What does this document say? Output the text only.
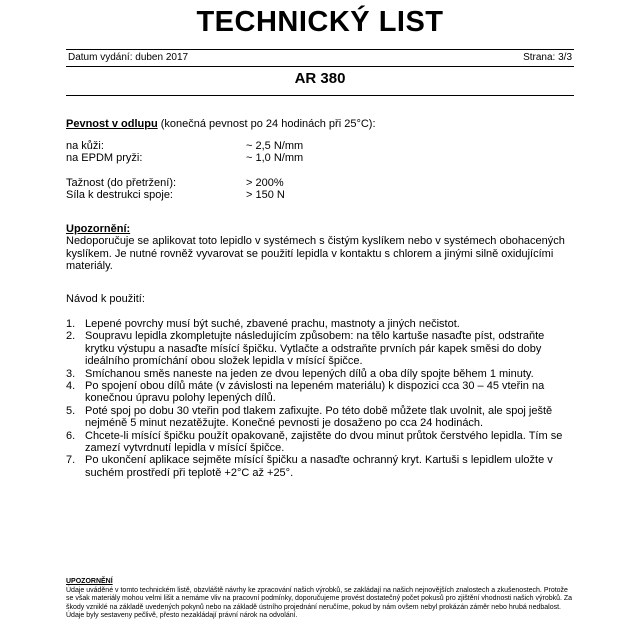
TECHNICKÝ LIST
Datum vydání: duben 2017	Strana: 3/3
AR 380
Pevnost v odlupu (konečná pevnost po 24 hodinách při 25°C):
na kůži:	~ 2,5 N/mm
na EPDM pryži:	~ 1,0 N/mm
Tažnost (do přetržení):	> 200%
Síla k destrukci spoje:	> 150 N
Upozornění:
Nedoporučuje se aplikovat toto lepidlo v systémech s čistým kyslíkem nebo v systémech obohacených kyslíkem. Je nutné rovněž vyvarovat se použití lepidla v kontaktu s chlorem a jinými silně oxidujícími materiály.
Návod k použití:
1. Lepené povrchy musí být suché, zbavené prachu, mastnoty a jiných nečistot.
2. Soupravu lepidla zkompletujte následujícím způsobem: na tělo kartuše nasaďte píst, odstraňte krytku výstupu a nasaďte mísící špičku. Vytlačte a odstraňte prvních pár kapek směsi do doby ideálního promíchání obou složek lepidla v mísící špičce.
3. Smíchanou směs naneste na jeden ze dvou lepených dílů a oba díly spojte během 1 minuty.
4. Po spojení obou dílů máte (v závislosti na lepeném materiálu) k dispozici cca 30 – 45 vteřin na konečnou úpravu polohy lepených dílů.
5. Poté spoj po dobu 30 vteřin pod tlakem zafixujte. Po této době můžete tlak uvolnit, ale spoj ještě nejméně 5 minut nezatěžujte. Konečné pevnosti je dosaženo po cca 24 hodinách.
6. Chcete-li mísící špičku použít opakovaně, zajistěte do dvou minut průtok čerstvého lepidla. Tím se zamezí vytvrdnutí lepidla v mísící špičce.
7. Po ukončení aplikace sejměte mísící špičku a nasaďte ochranný kryt. Kartuši s lepidlem uložte v suchém prostředí při teplotě +2°C až +25°.
UPOZORNĚNÍ
Údaje uváděné v tomto technickém listě, obzvláště návrhy ke zpracování našich výrobků, se zakládají na našich nejnovějších znalostech a zkušenostech. Protože se však materiály mohou velmi lišit a nemáme vliv na pracovní podmínky, doporučujeme provést dostatečný počet pokusů pro zjištění vhodnosti našich výrobků. Za škody vzniklé na základě uvedených pokynů nebo na základě ústního projednání neručíme, pokud by nám ovšem nebyl prokázán záměr nebo hrubá nedbalost. Údaje byly sestaveny pečlivě, přesto nezakládají právní nárok na odvolání.
